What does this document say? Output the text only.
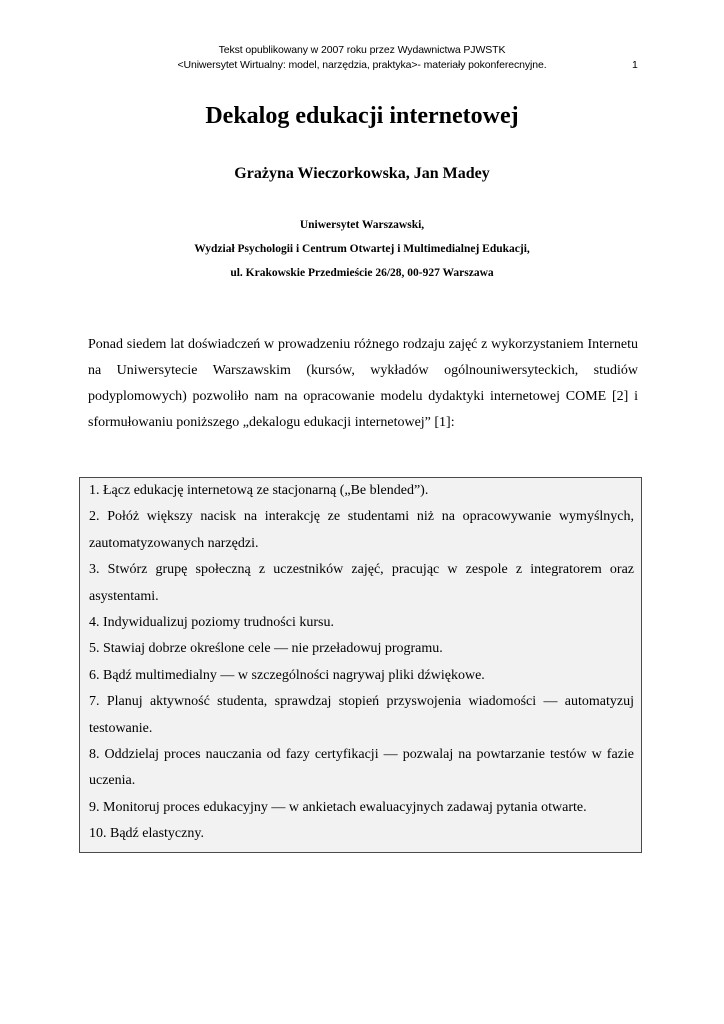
Tekst opublikowany w 2007 roku przez Wydawnictwa PJWSTK
<Uniwersytet Wirtualny: model, narzędzia, praktyka>- materiały pokonferecnyjne.	1
Dekalog edukacji internetowej
Grażyna Wieczorkowska, Jan Madey
Uniwersytet Warszawski,
Wydział Psychologii i Centrum Otwartej i Multimedialnej Edukacji,
ul. Krakowskie Przedmieście 26/28, 00-927 Warszawa

Ponad siedem lat doświadczeń w prowadzeniu różnego rodzaju zajęć z wykorzystaniem Internetu na Uniwersytecie Warszawskim (kursów, wykładów ogólnouniwersyteckich, studiów podyplomowych) pozwoliło nam na opracowanie modelu dydaktyki internetowej COME [2] i sformułowaniu poniższego „dekalogu edukacji internetowej” [1]:

1. Łącz edukację internetową ze stacjonarną („Be blended”).
2. Połóż większy nacisk na interakcję ze studentami niż na opracowywanie wymyślnych, zautomatyzowanych narzędzi.
3. Stwórz grupę społeczną z uczestników zajęć, pracując w zespole z integratorem oraz asystentami.
4. Indywidualizuj poziomy trudności kursu.
5. Stawiaj dobrze określone cele — nie przeładowuj programu.
6. Bądź multimedialny — w szczególności nagrywaj pliki dźwiękowe.
7. Planuj aktywność studenta, sprawdzaj stopień przyswojenia wiadomości — automatyzuj testowanie.
8. Oddzielaj proces nauczania od fazy certyfikacji — pozwalaj na powtarzanie testów w fazie uczenia.
9. Monitoruj proces edukacyjny — w ankietach ewaluacyjnych zadawaj pytania otwarte.
10. Bądź elastyczny.
